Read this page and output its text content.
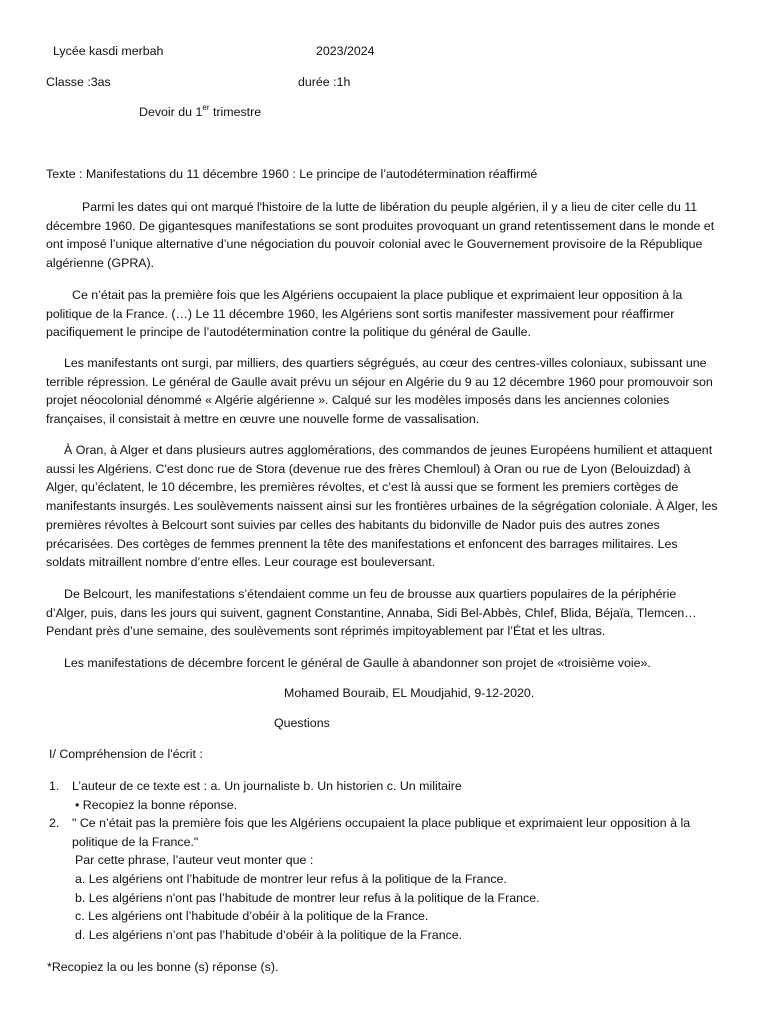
Lycée kasdi merbah	2023/2024
Classe :3as	durée :1h
Devoir du 1er trimestre
Texte : Manifestations du 11 décembre 1960 : Le principe de l’autodétermination réaffirmé

Parmi les dates qui ont marqué l'histoire de la lutte de libération du peuple algérien, il y a lieu de citer celle du 11 décembre 1960. De gigantesques manifestations se sont produites provoquant un grand retentissement dans le monde et ont imposé l’unique alternative d’une négociation du pouvoir colonial avec le Gouvernement provisoire de la République algérienne (GPRA).

Ce n’était pas la première fois que les Algériens occupaient la place publique et exprimaient leur opposition à la politique de la France. (…) Le 11 décembre 1960, les Algériens sont sortis manifester massivement pour réaffirmer pacifiquement le principe de l’autodétermination contre la politique du général de Gaulle.

Les manifestants ont surgi, par milliers, des quartiers ségrégués, au cœur des centres-villes coloniaux, subissant une terrible répression. Le général de Gaulle avait prévu un séjour en Algérie du 9 au 12 décembre 1960 pour promouvoir son projet néocolonial dénommé « Algérie algérienne ». Calqué sur les modèles imposés dans les anciennes colonies françaises, il consistait à mettre en œuvre une nouvelle forme de vassalisation.

À Oran, à Alger et dans plusieurs autres agglomérations, des commandos de jeunes Européens humilient et attaquent aussi les Algériens. C'est donc rue de Stora (devenue rue des frères Chemloul) à Oran ou rue de Lyon (Belouizdad) à Alger, qu’éclatent, le 10 décembre, les premières révoltes, et c’est là aussi que se forment les premiers cortèges de manifestants insurgés. Les soulèvements naissent ainsi sur les frontières urbaines de la ségrégation coloniale. À Alger, les premières révoltes à Belcourt sont suivies par celles des habitants du bidonville de Nador puis des autres zones précarisées. Des cortèges de femmes prennent la tête des manifestations et enfoncent des barrages militaires. Les soldats mitraillent nombre d’entre elles. Leur courage est bouleversant.

De Belcourt, les manifestations s’étendaient comme un feu de brousse aux quartiers populaires de la périphérie d’Alger, puis, dans les jours qui suivent, gagnent Constantine, Annaba, Sidi Bel-Abbès, Chlef, Blida, Béjaïa, Tlemcen… Pendant près d’une semaine, des soulèvements sont réprimés impitoyablement par l’État et les ultras.

Les manifestations de décembre forcent le général de Gaulle à abandonner son projet de «troisième voie».

Mohamed Bouraib, EL Moudjahid, 9-12-2020.
Questions
I/ Compréhension de l'écrit :
1.	L’auteur de ce texte est : a. Un journaliste b. Un historien c. Un militaire
• Recopiez la bonne réponse.
2.	" Ce n’était pas la première fois que les Algériens occupaient la place publique et exprimaient leur opposition à la politique de la France."
Par cette phrase, l’auteur veut monter que :
a. Les algériens ont l’habitude de montrer leur refus à la politique de la France.
b. Les algériens n'ont pas l’habitude de montrer leur refus à la politique de la France.
c. Les algériens ont l’habitude d’obéir à la politique de la France.
d. Les algériens n’ont pas l’habitude d’obéir à la politique de la France.
*Recopiez la ou les bonne (s) réponse (s).
